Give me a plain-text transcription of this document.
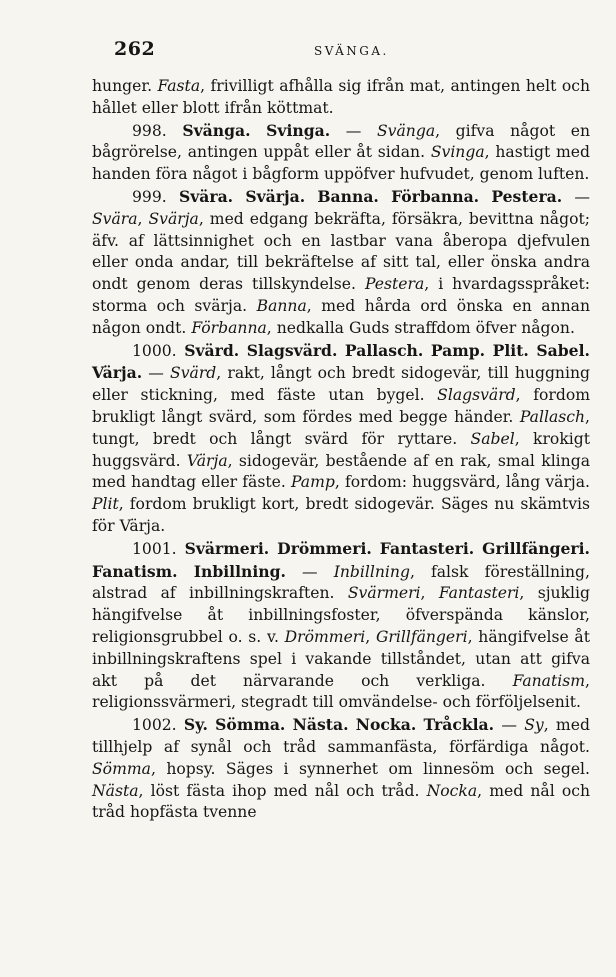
262	SVÄNGA.

hunger. Fasta, frivilligt afhålla sig ifrån mat, antingen helt och hållet eller blott ifrån köttmat.

998. Svänga. Svinga. — Svänga, gifva något en bågrörelse, antingen uppåt eller åt sidan. Svinga, hastigt med handen föra något i bågform uppöfver hufvudet, genom luften.

999. Svära. Svärja. Banna. Förbanna. Pestera. — Svära, Svärja, med edgang bekräfta, försäkra, bevittna något; äfv. af lättsinnighet och en lastbar vana åberopa djefvulen eller onda andar, till bekräftelse af sitt tal, eller önska andra ondt genom deras tillskyndelse. Pestera, i hvardagsspråket: storma och svärja. Banna, med hårda ord önska en annan någon ondt. Förbanna, nedkalla Guds straffdom öfver någon.

1000. Svärd. Slagsvärd. Pallasch. Pamp. Plit. Sabel. Värja. — Svärd, rakt, långt och bredt sidogevär, till huggning eller stickning, med fäste utan bygel. Slagsvärd, fordom brukligt långt svärd, som fördes med begge händer. Pallasch, tungt, bredt och långt svärd för ryttare. Sabel, krokigt huggsvärd. Värja, sidogevär, bestående af en rak, smal klinga med handtag eller fäste. Pamp, fordom: huggsvärd, lång värja. Plit, fordom brukligt kort, bredt sidogevär. Säges nu skämtvis för Värja.

1001. Svärmeri. Drömmeri. Fantasteri. Grillfängeri. Fanatism. Inbillning. — Inbillning, falsk föreställning, alstrad af inbillningskraften. Svärmeri, Fantasteri, sjuklig hängifvelse åt inbillningsfoster, öfverspända känslor, religionsgrubbel o. s. v. Drömmeri, Grillfängeri, hängifvelse åt inbillningskraftens spel i vakande tillståndet, utan att gifva akt på det närvarande och verkliga. Fanatism, religionssvärmeri, stegradt till omvändelse- och förföljelsenit.

1002. Sy. Sömma. Nästa. Nocka. Tråckla. — Sy, med tillhjelp af synål och tråd sammanfästa, förfärdiga något. Sömma, hopsy. Säges i synnerhet om linnesöm och segel. Nästa, löst fästa ihop med nål och tråd. Nocka, med nål och tråd hopfästa tvenne
